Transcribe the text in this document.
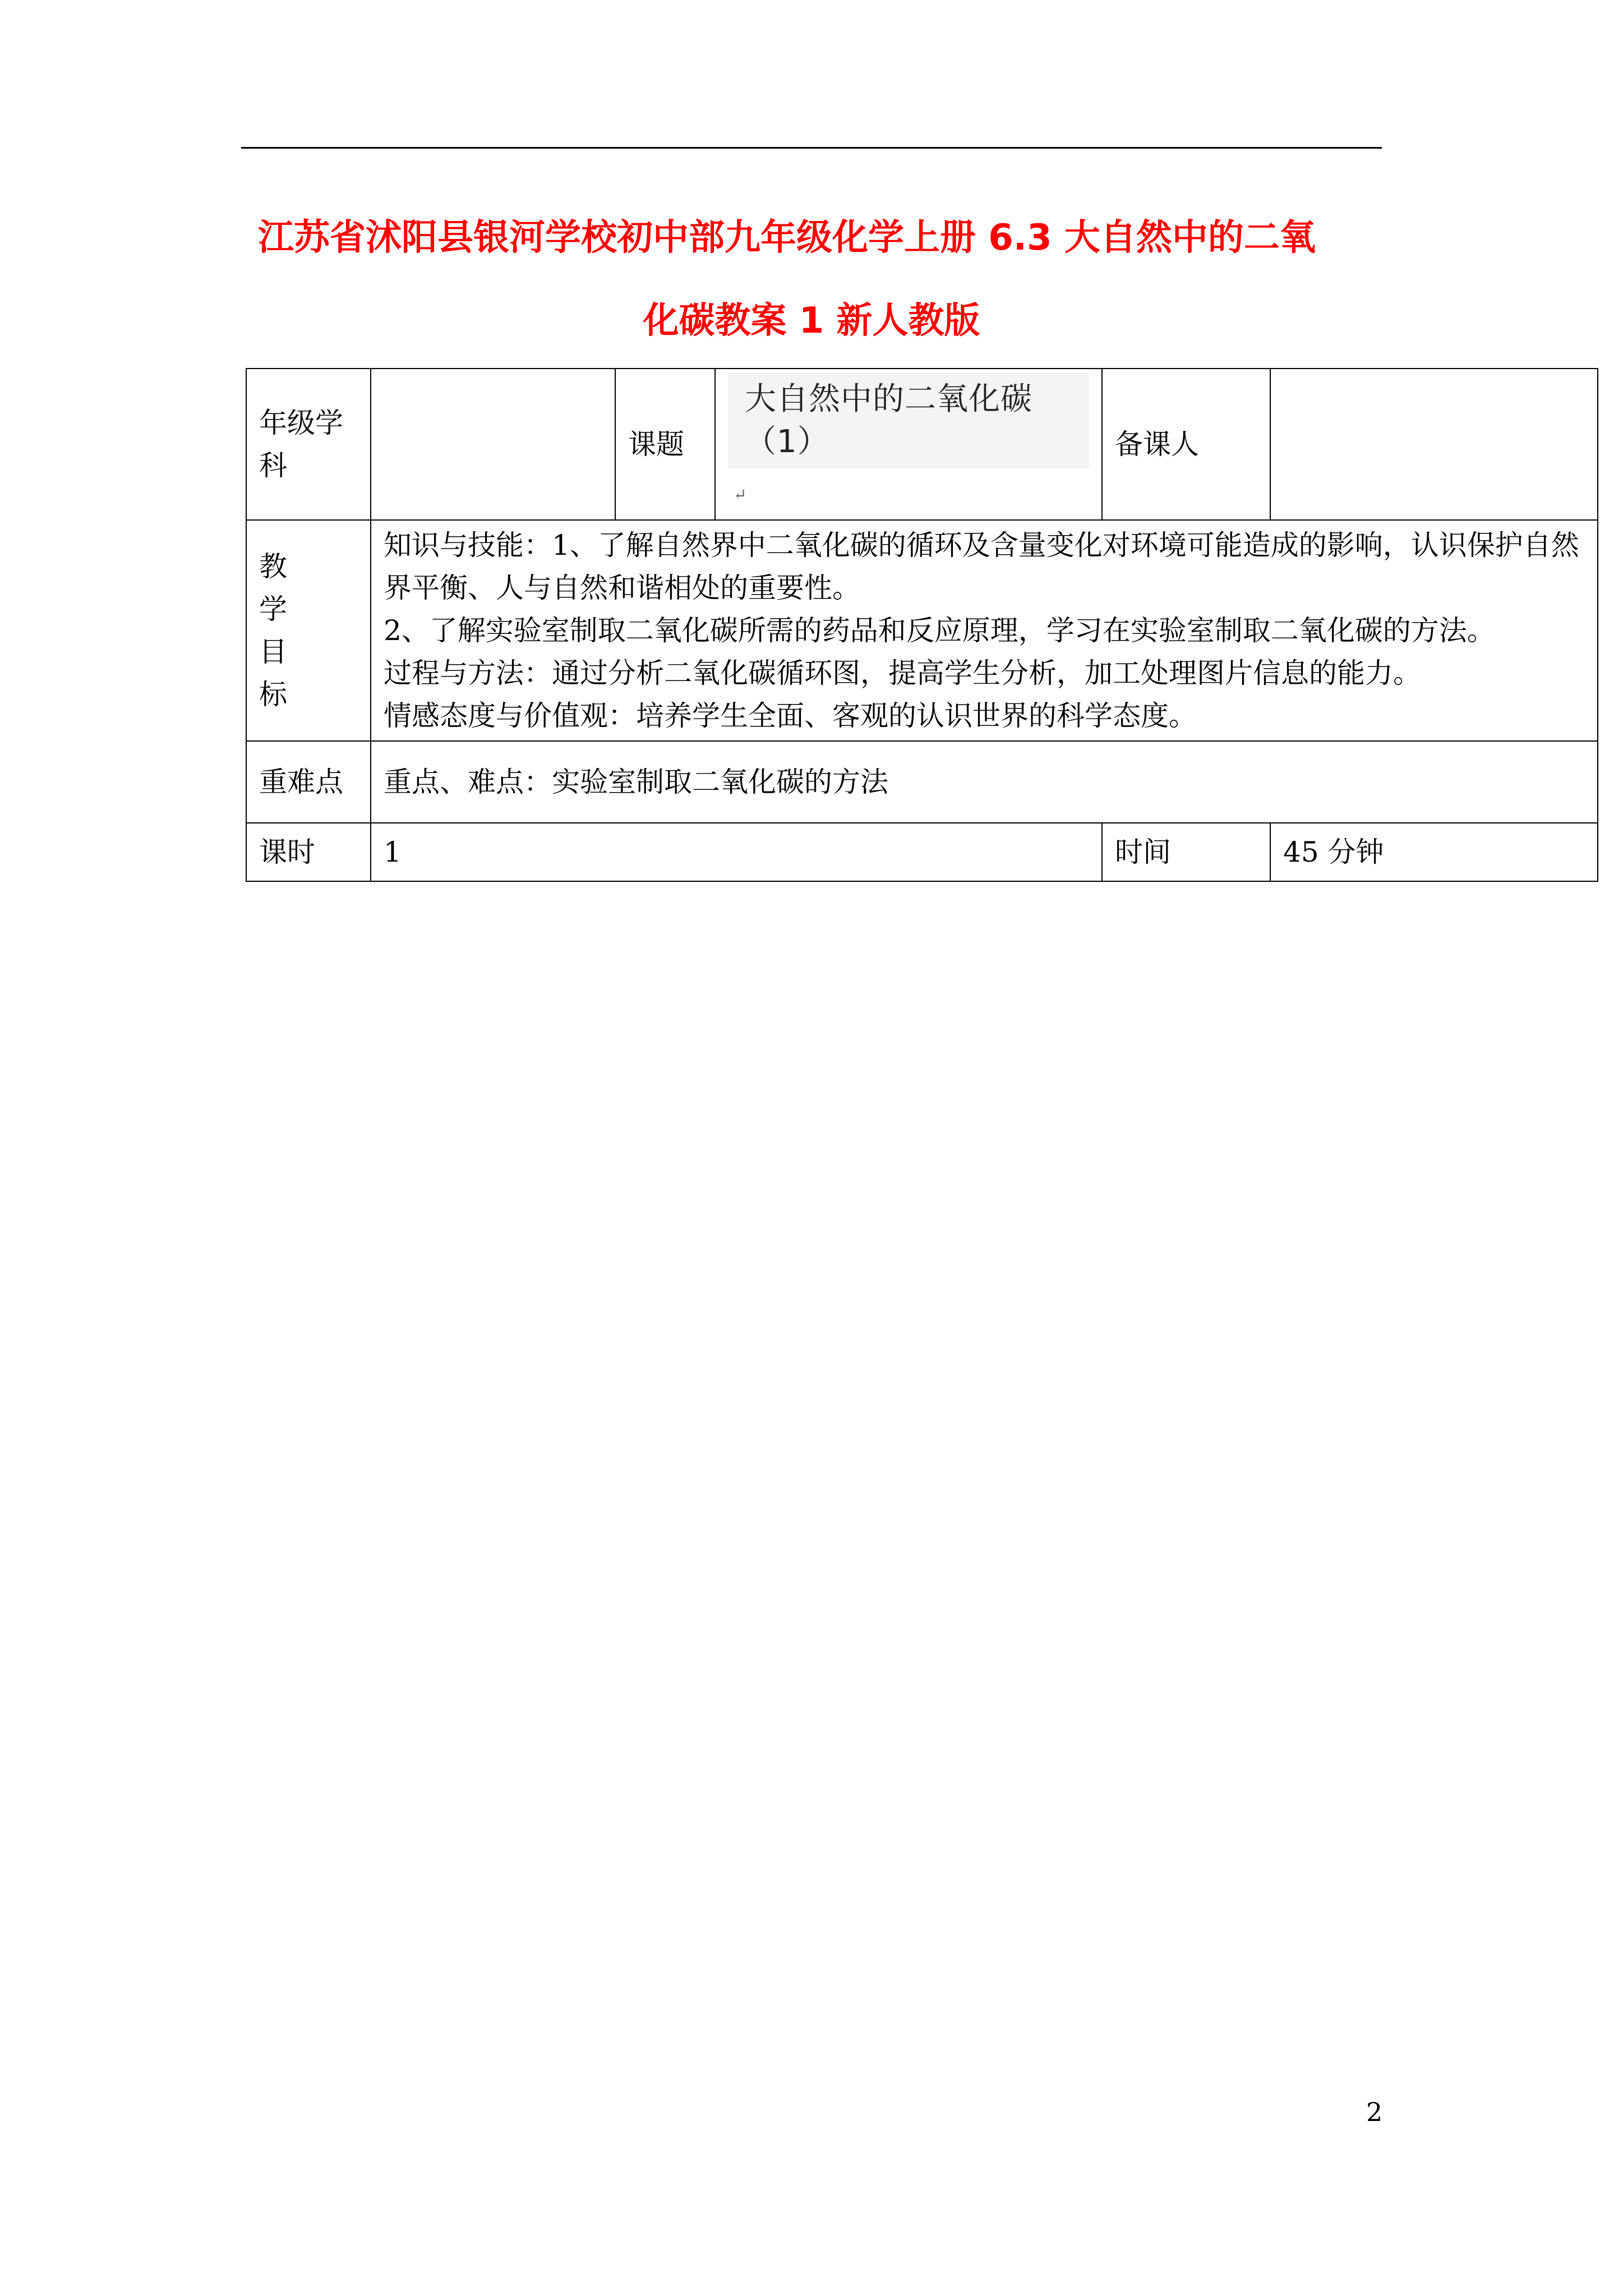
江苏省沭阳县银河学校初中部九年级化学上册 6.3 大自然中的二氧
化碳教案 1 新人教版
年级学科		课题	大自然中的二氧化碳（1）↵	备课人	

教
学
目
标	知识与技能：1、了解自然界中二氧化碳的循环及含量变化对环境可能造成的影响，认识保护自然界平衡、人与自然和谐相处的重要性。
2、了解实验室制取二氧化碳所需的药品和反应原理，学习在实验室制取二氧化碳的方法。
过程与方法：通过分析二氧化碳循环图，提高学生分析，加工处理图片信息的能力。
情感态度与价值观：培养学生全面、客观的认识世界的科学态度。				

重难点	重点、难点：实验室制取二氧化碳的方法				
课时	1			时间	45 分钟
2
